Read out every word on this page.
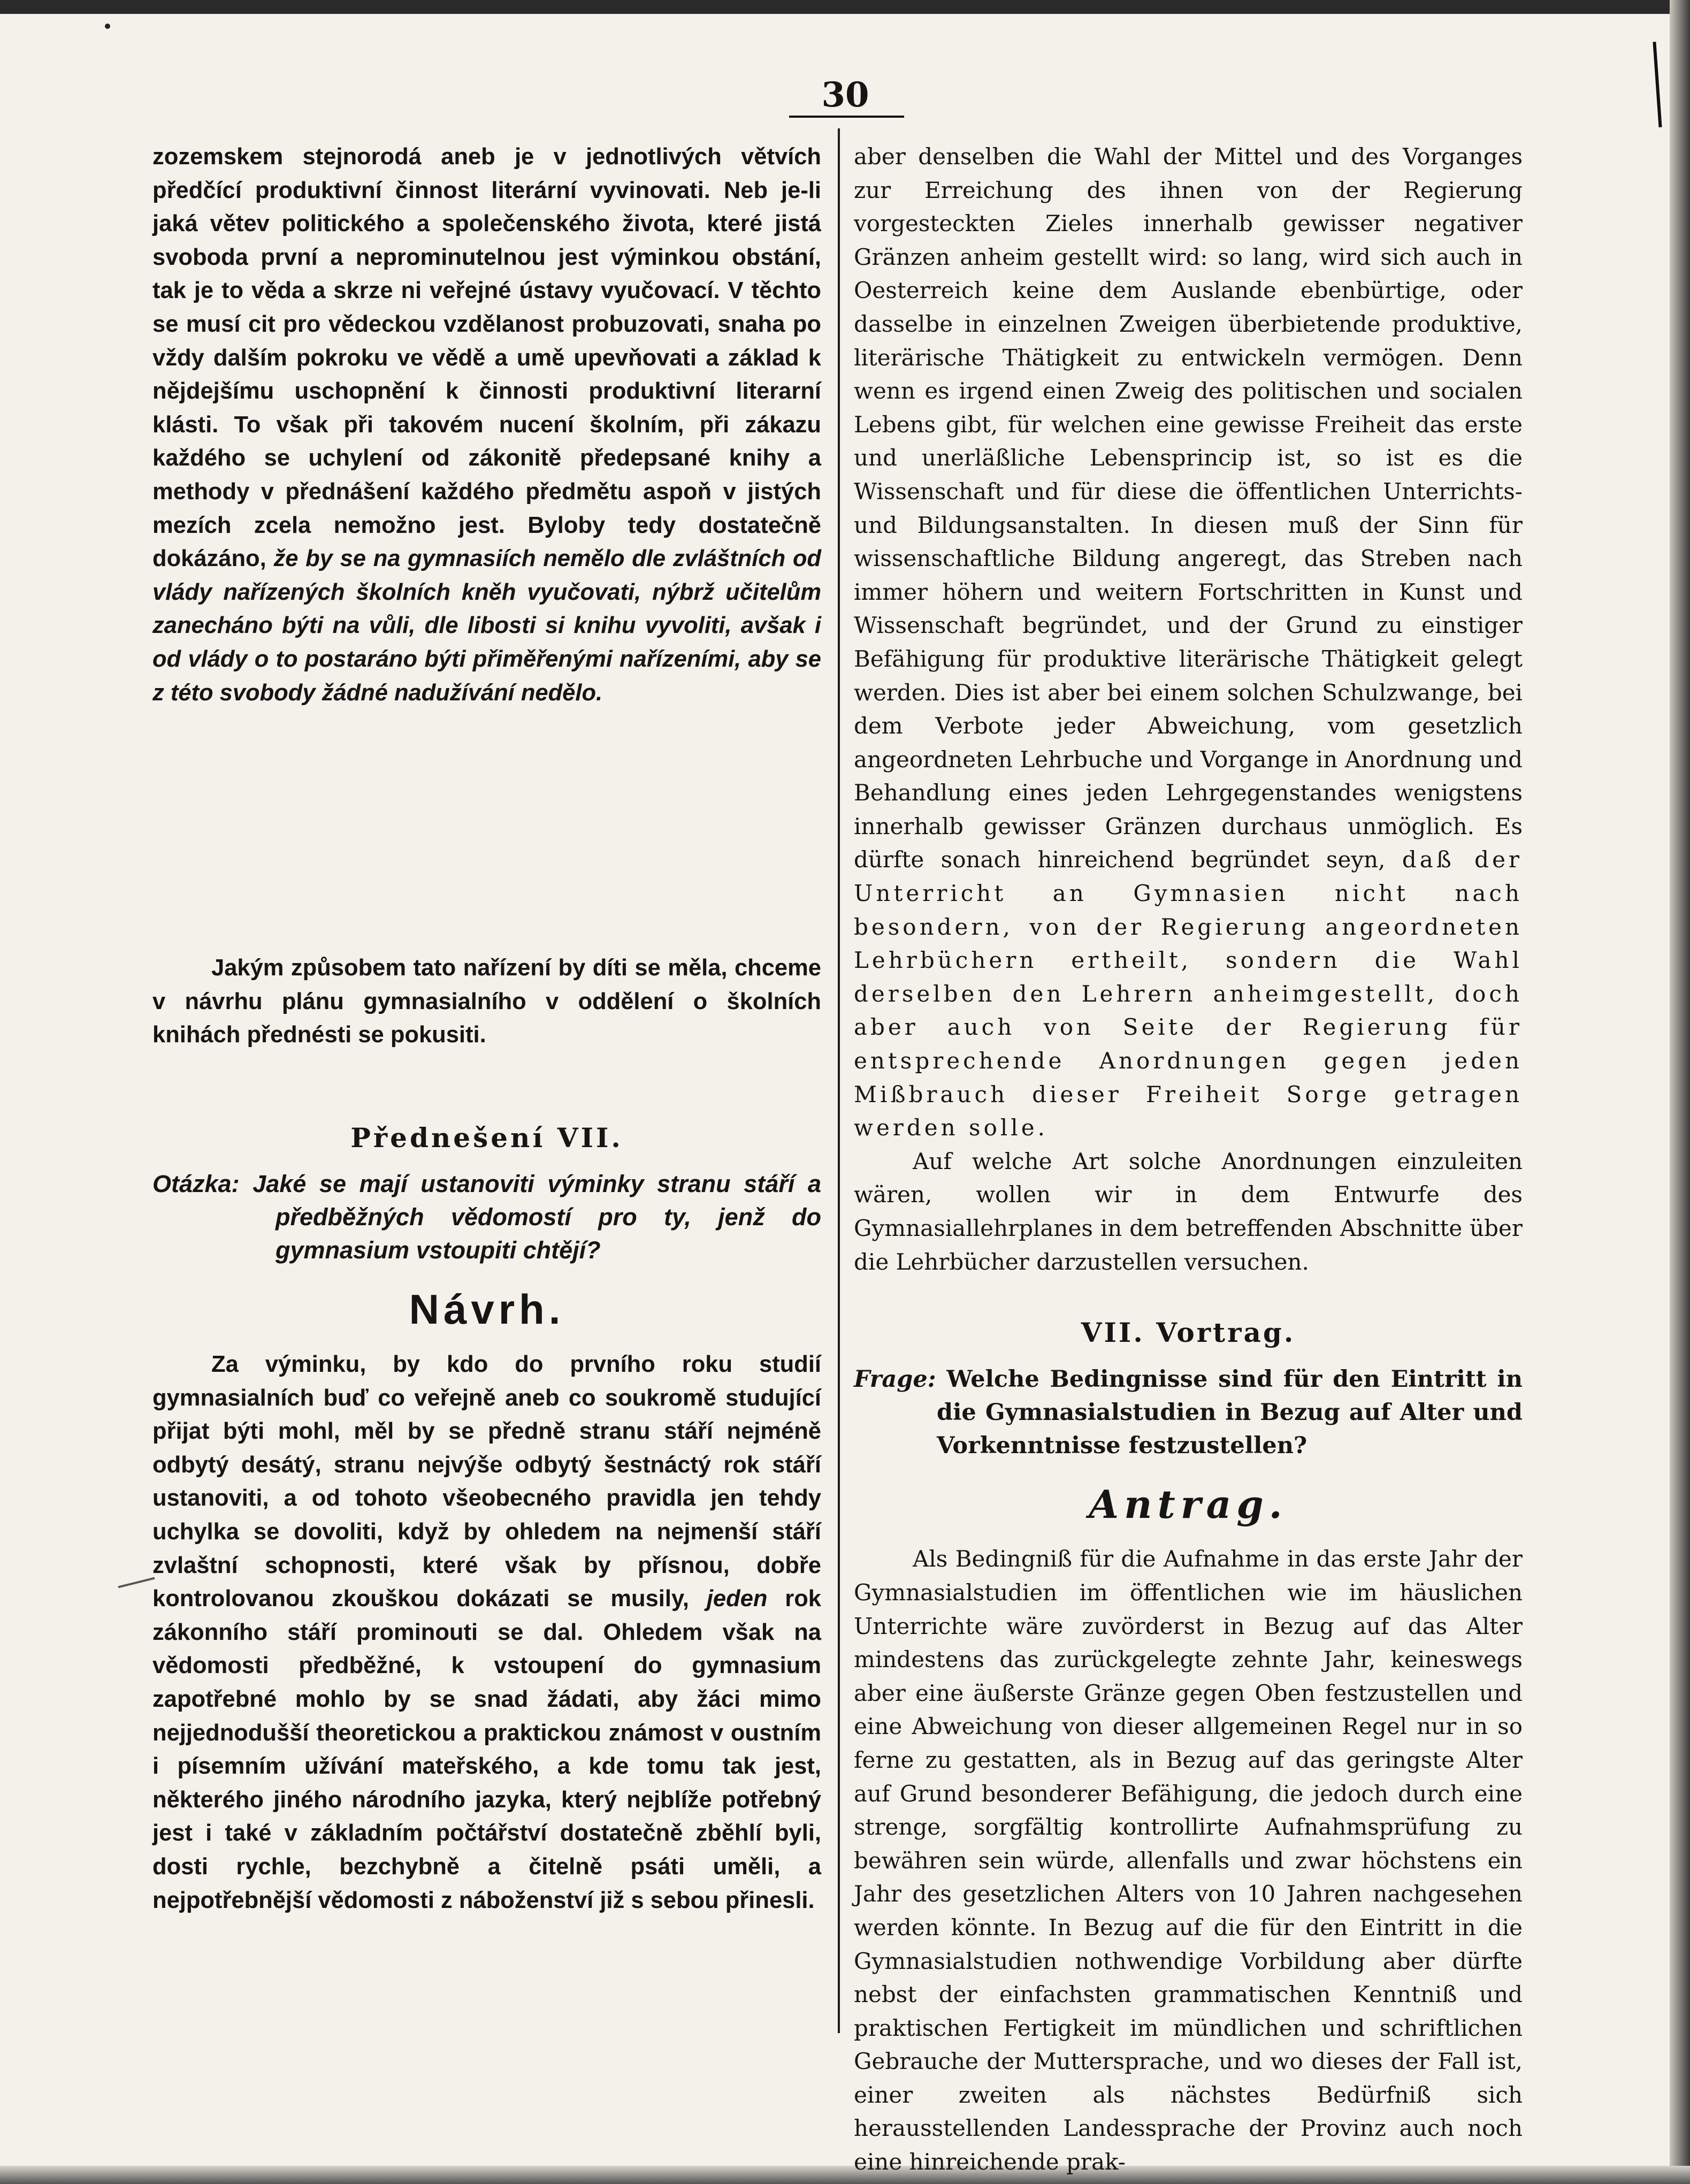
30

zozemskem stejnorodá aneb je v jednotlivých větvích předčící produktivní činnost literární vyvinovati. Neb je-li jaká větev politického a společenského života, které jistá svoboda první a neprominutelnou jest výminkou obstání, tak je to věda a skrze ni veřejné ústavy vyučovací. V těchto se musí cit pro vědeckou vzdělanost probuzovati, snaha po vždy dalším pokroku ve vědě a umě upevňovati a základ k nějdejšímu uschopnění k činnosti produktivní literarní klásti. To však při takovém nucení školním, při zákazu každého se uchylení od zákonitě předepsané knihy a methody v přednášení každého předmětu aspoň v jistých mezích zcela nemožno jest. Byloby tedy dostatečně dokázáno, že by se na gymnasiích nemělo dle zvláštních od vlády nařízených školních kněh vyučovati, nýbrž učitelům zanecháno býti na vůli, dle libosti si knihu vyvoliti, avšak i od vlády o to postaráno býti přiměřenými nařízeními, aby se z této svobody žádné nadužívání nedělo.

Jakým způsobem tato nařízení by díti se měla, chceme v návrhu plánu gymnasialního v oddělení o školních knihách přednésti se pokusiti.

Přednešení VII.

Otázka: Jaké se mají ustanoviti výminky stranu stáří a předběžných vědomostí pro ty, jenž do gymnasium vstoupiti chtějí?

Návrh.

Za výminku, by kdo do prvního roku studií gymnasialních buď co veřejně aneb co soukromě studující přijat býti mohl, měl by se předně stranu stáří nejméně odbytý desátý, stranu nejvýše odbytý šestnáctý rok stáří ustanoviti, a od tohoto všeobecného pravidla jen tehdy uchylka se dovoliti, když by ohledem na nejmenší stáří zvlaštní schopnosti, které však by přísnou, dobře kontrolovanou zkouškou dokázati se musily, jeden rok zákonního stáří prominouti se dal. Ohledem však na vědomosti předběžné, k vstoupení do gymnasium zapotřebné mohlo by se snad žádati, aby žáci mimo nejjednodušší theoretickou a praktickou známost v oustním i písemním užívání mateřského, a kde tomu tak jest, některého jiného národního jazyka, který nejblíže potřebný jest i také v základním počtářství dostatečně zběhlí byli, dosti rychle, bezchybně a čitelně psáti uměli, a nejpotřebnější vědomosti z náboženství již s sebou přinesli.

aber denselben die Wahl der Mittel und des Vorganges zur Erreichung des ihnen von der Regierung vorgesteckten Zieles innerhalb gewisser negativer Gränzen anheim gestellt wird: so lang, wird sich auch in Oesterreich keine dem Auslande ebenbürtige, oder dasselbe in einzelnen Zweigen überbietende produktive, literärische Thätigkeit zu entwickeln vermögen. Denn wenn es irgend einen Zweig des politischen und socialen Lebens gibt, für welchen eine gewisse Freiheit das erste und unerläßliche Lebensprincip ist, so ist es die Wissenschaft und für diese die öffentlichen Unterrichts- und Bildungsanstalten. In diesen muß der Sinn für wissenschaftliche Bildung angeregt, das Streben nach immer höhern und weitern Fortschritten in Kunst und Wissenschaft begründet, und der Grund zu einstiger Befähigung für produktive literärische Thätigkeit gelegt werden. Dies ist aber bei einem solchen Schulzwange, bei dem Verbote jeder Abweichung, vom gesetzlich angeordneten Lehrbuche und Vorgange in Anordnung und Behandlung eines jeden Lehrgegenstandes wenigstens innerhalb gewisser Gränzen durchaus unmöglich. Es dürfte sonach hinreichend begründet seyn, daß der Unterricht an Gymnasien nicht nach besondern, von der Regierung angeordneten Lehrbüchern ertheilt, sondern die Wahl derselben den Lehrern anheimgestellt, doch aber auch von Seite der Regierung für entsprechende Anordnungen gegen jeden Mißbrauch dieser Freiheit Sorge getragen werden solle.

Auf welche Art solche Anordnungen einzuleiten wären, wollen wir in dem Entwurfe des Gymnasiallehrplanes in dem betreffenden Abschnitte über die Lehrbücher darzustellen versuchen.

VII. Vortrag.

Frage: Welche Bedingnisse sind für den Eintritt in die Gymnasialstudien in Bezug auf Alter und Vorkenntnisse festzustellen?

Antrag.

Als Bedingniß für die Aufnahme in das erste Jahr der Gymnasialstudien im öffentlichen wie im häuslichen Unterrichte wäre zuvörderst in Bezug auf das Alter mindestens das zurückgelegte zehnte Jahr, keineswegs aber eine äußerste Gränze gegen Oben festzustellen und eine Abweichung von dieser allgemeinen Regel nur in so ferne zu gestatten, als in Bezug auf das geringste Alter auf Grund besonderer Befähigung, die jedoch durch eine strenge, sorgfältig kontrollirte Aufnahmsprüfung zu bewähren sein würde, allenfalls und zwar höchstens ein Jahr des gesetzlichen Alters von 10 Jahren nachgesehen werden könnte. In Bezug auf die für den Eintritt in die Gymnasialstudien nothwendige Vorbildung aber dürfte nebst der einfachsten grammatischen Kenntniß und praktischen Fertigkeit im mündlichen und schriftlichen Gebrauche der Muttersprache, und wo dieses der Fall ist, einer zweiten als nächstes Bedürfniß sich herausstellenden Landessprache der Provinz auch noch eine hinreichende prak-
